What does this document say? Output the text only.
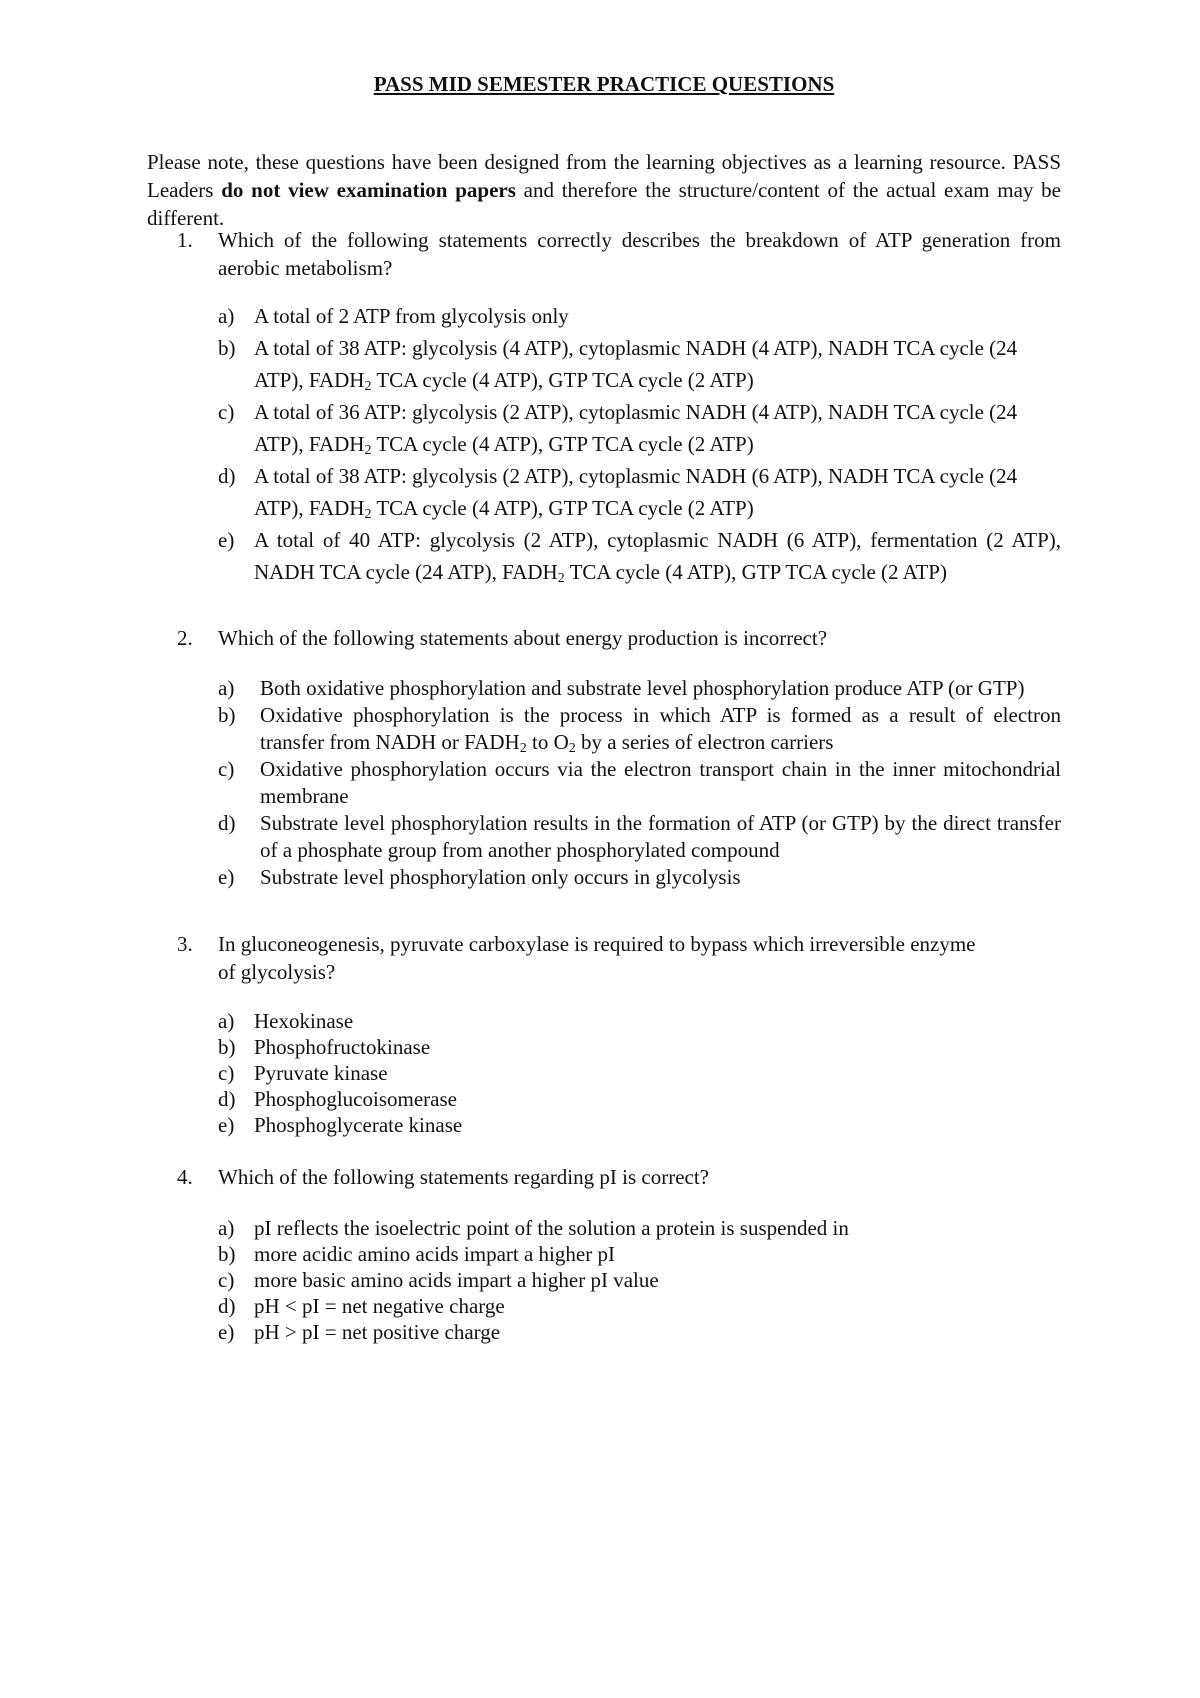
PASS MID SEMESTER PRACTICE QUESTIONS
Please note, these questions have been designed from the learning objectives as a learning resource. PASS Leaders do not view examination papers and therefore the structure/content of the actual exam may be different.
1. Which of the following statements correctly describes the breakdown of ATP generation from aerobic metabolism?
a) A total of 2 ATP from glycolysis only
b) A total of 38 ATP: glycolysis (4 ATP), cytoplasmic NADH (4 ATP), NADH TCA cycle (24 ATP), $FADH_2$ TCA cycle (4 ATP), GTP TCA cycle (2 ATP)
c) A total of 36 ATP: glycolysis (2 ATP), cytoplasmic NADH (4 ATP), NADH TCA cycle (24 ATP), $FADH_2$ TCA cycle (4 ATP), GTP TCA cycle (2 ATP)
d) A total of 38 ATP: glycolysis (2 ATP), cytoplasmic NADH (6 ATP), NADH TCA cycle (24 ATP), $FADH_2$ TCA cycle (4 ATP), GTP TCA cycle (2 ATP)
e) A total of 40 ATP: glycolysis (2 ATP), cytoplasmic NADH (6 ATP), fermentation (2 ATP), NADH TCA cycle (24 ATP), $FADH_2$ TCA cycle (4 ATP), GTP TCA cycle (2 ATP)
2. Which of the following statements about energy production is incorrect?
a) Both oxidative phosphorylation and substrate level phosphorylation produce ATP (or GTP)
b) Oxidative phosphorylation is the process in which ATP is formed as a result of electron transfer from NADH or $FADH_2$ to $O_2$ by a series of electron carriers
c) Oxidative phosphorylation occurs via the electron transport chain in the inner mitochondrial membrane
d) Substrate level phosphorylation results in the formation of ATP (or GTP) by the direct transfer of a phosphate group from another phosphorylated compound
e) Substrate level phosphorylation only occurs in glycolysis
3. In gluconeogenesis, pyruvate carboxylase is required to bypass which irreversible enzyme of glycolysis?
a) Hexokinase
b) Phosphofructokinase
c) Pyruvate kinase
d) Phosphoglucoisomerase
e) Phosphoglycerate kinase
4. Which of the following statements regarding pI is correct?
a) pI reflects the isoelectric point of the solution a protein is suspended in
b) more acidic amino acids impart a higher pI
c) more basic amino acids impart a higher pI value
d) pH < pI = net negative charge
e) pH > pI = net positive charge
